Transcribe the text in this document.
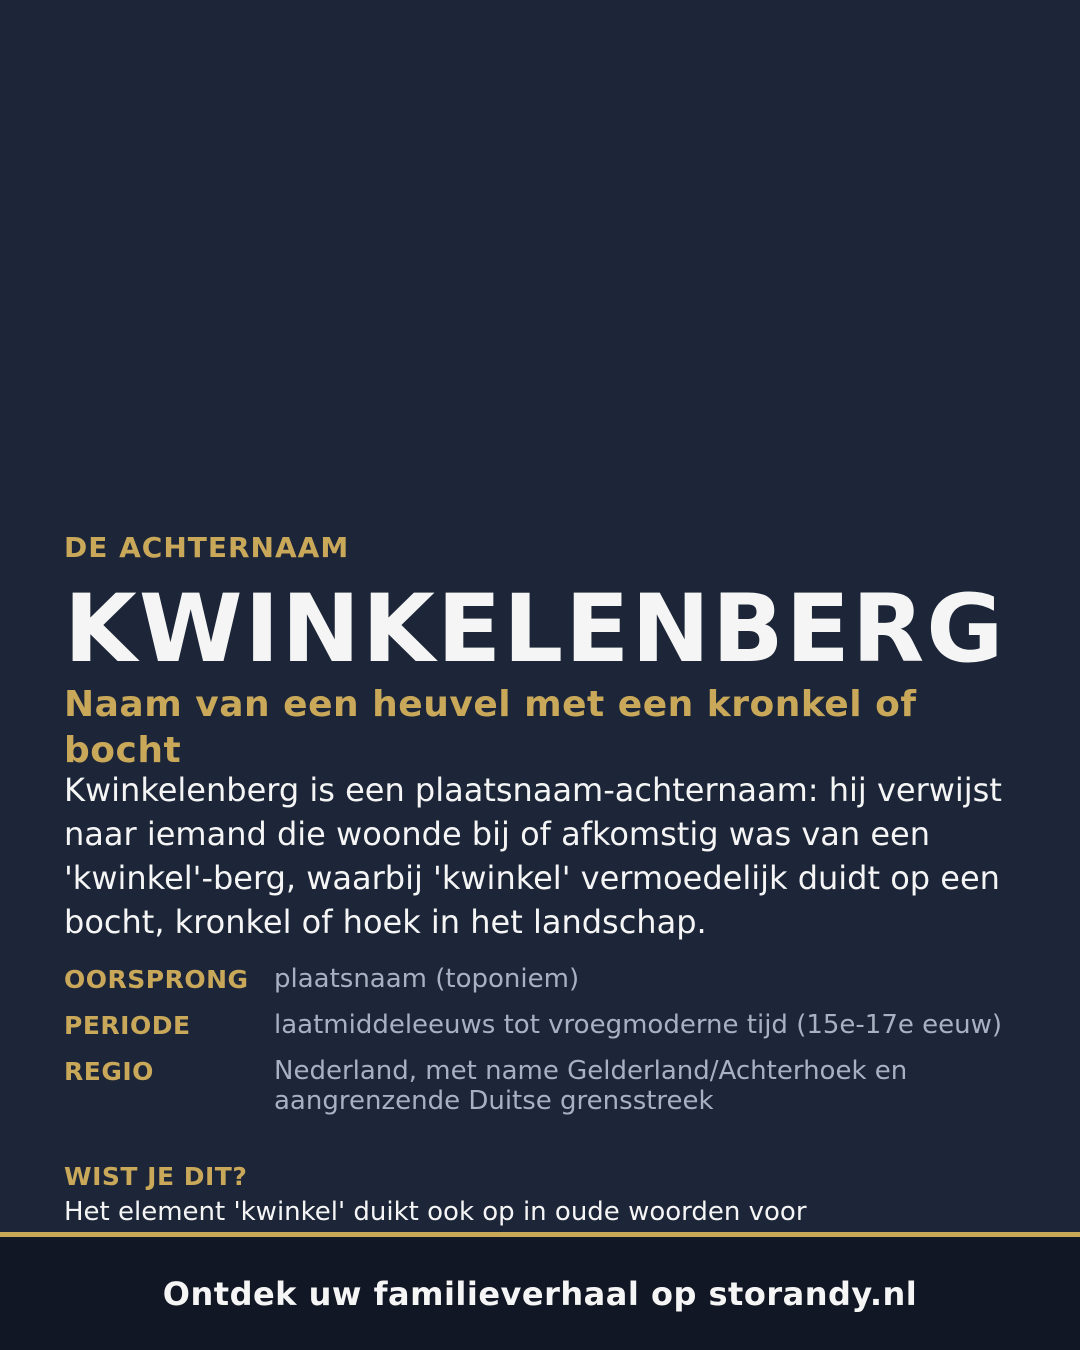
DE ACHTERNAAM
KWINKELENBERG
Naam van een heuvel met een kronkel of bocht
Kwinkelenberg is een plaatsnaam-achternaam: hij verwijst naar iemand die woonde bij of afkomstig was van een 'kwinkel'-berg, waarbij 'kwinkel' vermoedelijk duidt op een bocht, kronkel of hoek in het landschap.
OORSPRONG plaatsnaam (toponiem)
PERIODE	laatmiddeleeuws tot vroegmoderne tijd (15e-17e eeuw)
REGIO	Nederland, met name Gelderland/Achterhoek en aangrenzende Duitse grensstreek
WIST JE DIT?
Het element 'kwinkel' duikt ook op in oude woorden voor
Ontdek uw familieverhaal op storandy.nl
